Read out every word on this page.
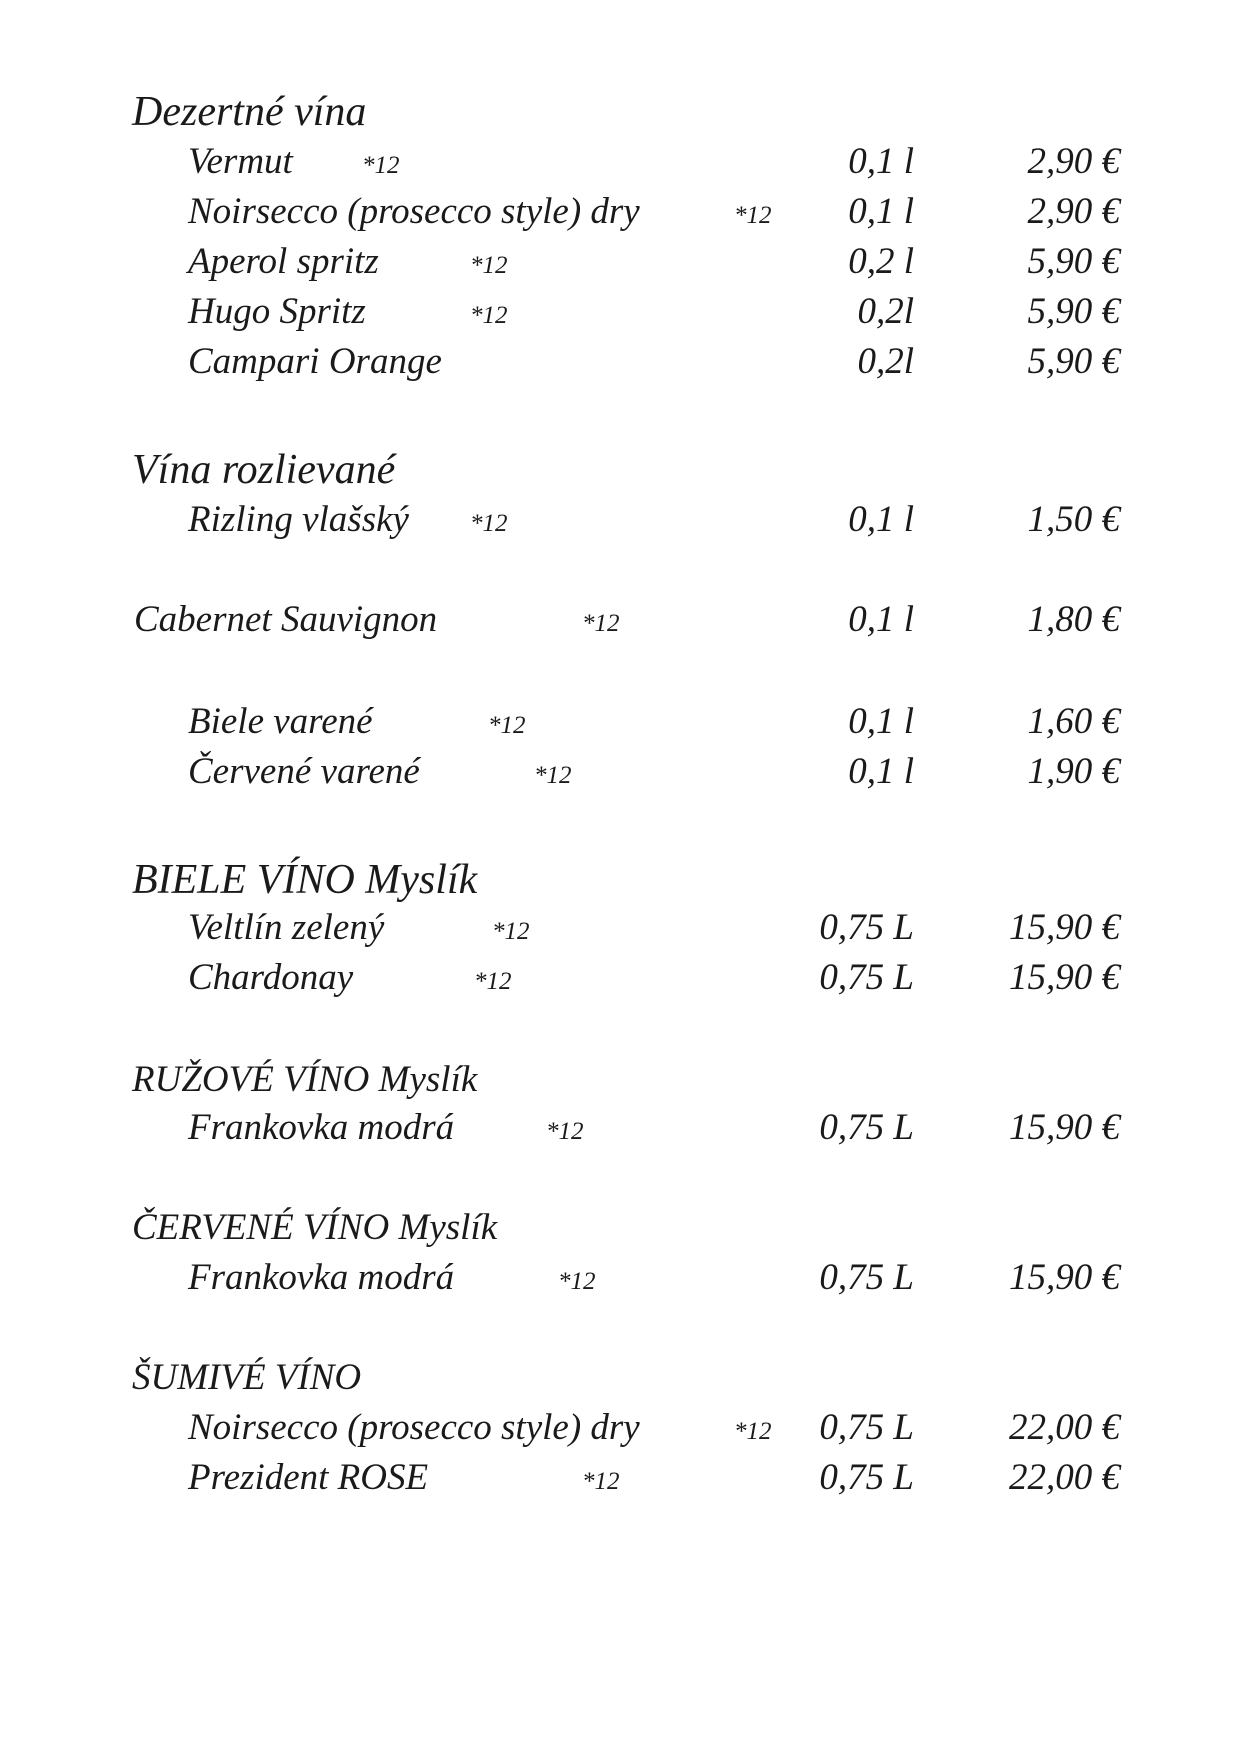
Dezertné vína
Vermut	*12	0,1 l	2,90 €
Noirsecco (prosecco style) dry	*12 0,1 l	2,90 €
Aperol spritz	*12	0,2 l	5,90 €
Hugo Spritz	*12	0,2l	5,90 €
Campari Orange	0,2l	5,90 €
Vína rozlievané
Rizling vlašský *12	0,1 l	1,50 €
Cabernet Sauvignon	*12	0,1 l	1,80 €
Biele varené	*12	0,1 l	1,60 €
Červené varené	*12	0,1 l	1,90 €
BIELE VÍNO Myslík
Veltlín zelený	*12	0,75 L	15,90 €
Chardonay	*12	0,75 L	15,90 €
RUŽOVÉ VÍNO Myslík
Frankovka modrá	*12	0,75 L	15,90 €
ČERVENÉ VÍNO Myslík
Frankovka modrá	*12	0,75 L	15,90 €
ŠUMIVÉ VÍNO
Noirsecco (prosecco style) dry	*12 0,75 L	22,00 €
Prezident ROSE	*12	0,75 L	22,00 €
